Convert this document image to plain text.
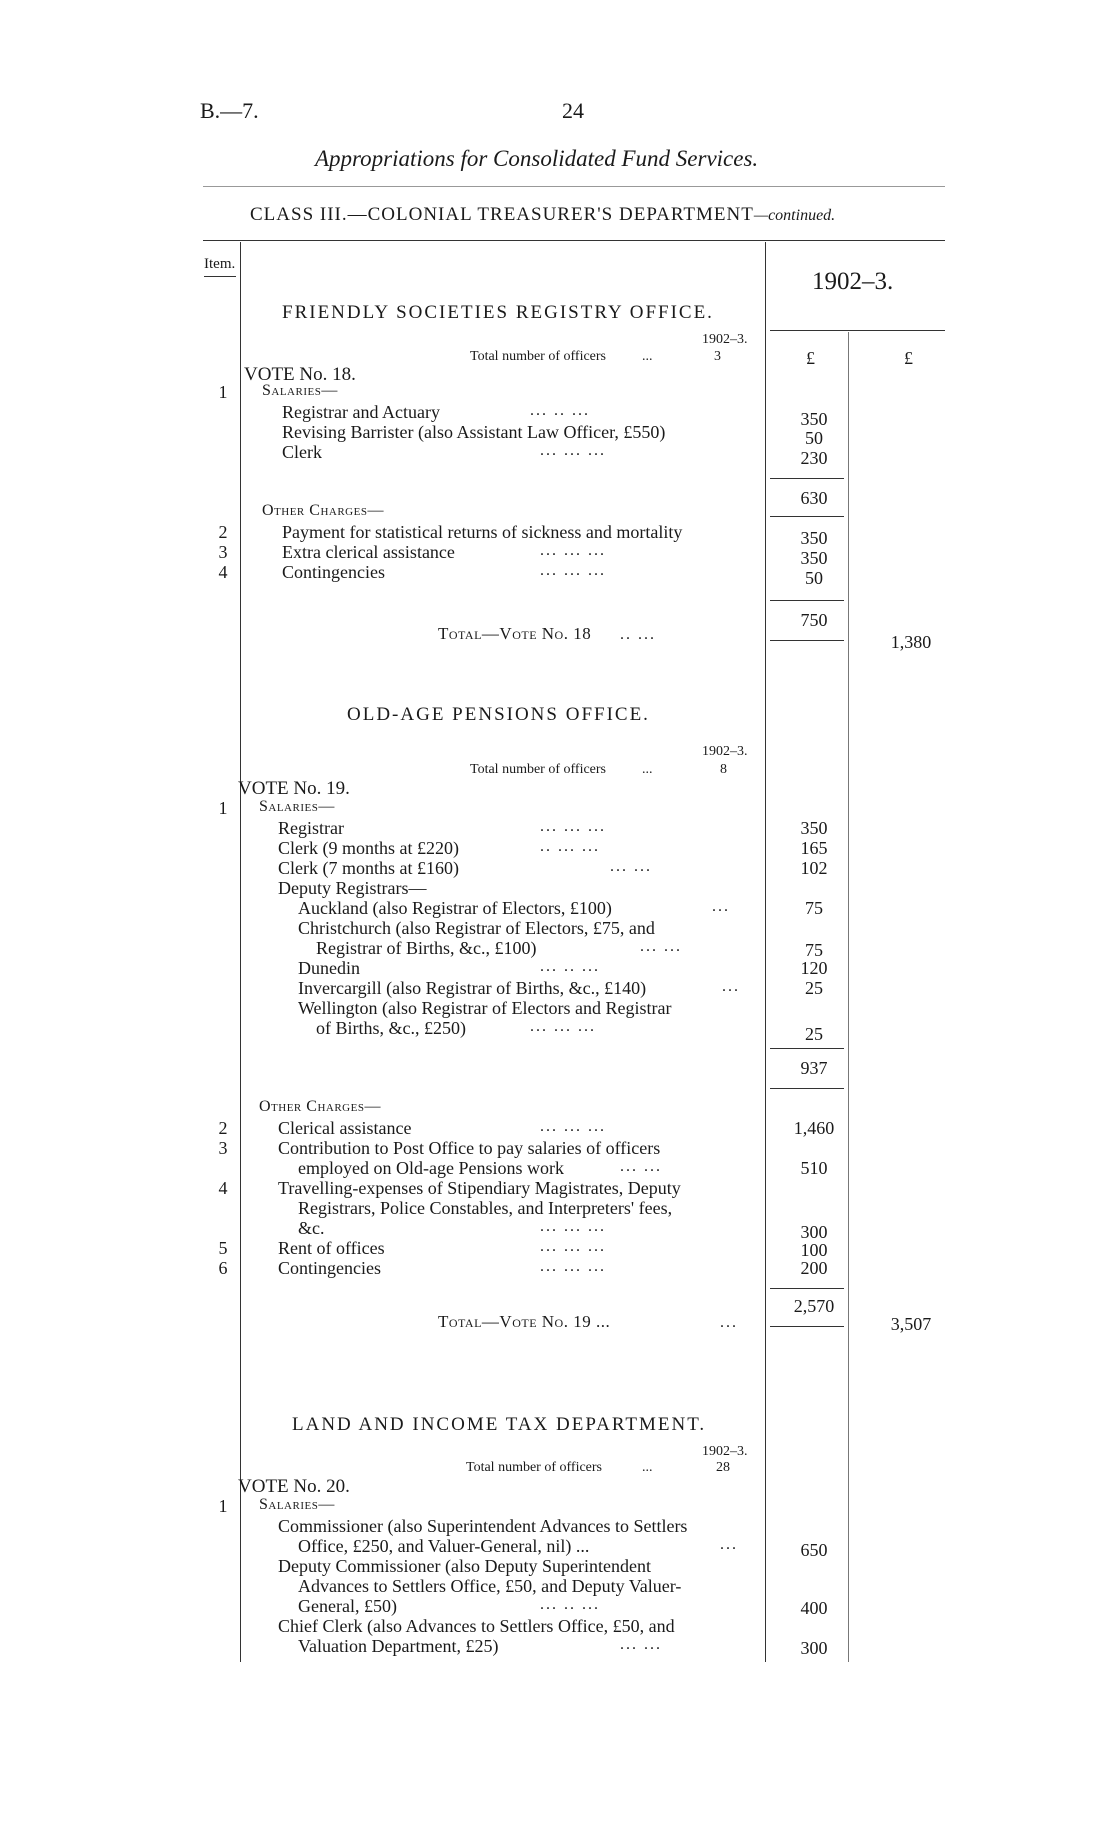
B.—7.	24
Appropriations for Consolidated Fund Services.
CLASS III.—COLONIAL TREASURER'S DEPARTMENT—continued.
Item.
1902–3.
£	£
FRIENDLY SOCIETIES REGISTRY OFFICE.
1902–3.
Total number of officers	...	3
VOTE No. 18.
1	Salaries—
Registrar and Actuary	... .. ...	350
Revising Barrister (also Assistant Law Officer, £550)	50
Clerk	... ... ...	230
630
Other Charges—
2	Payment for statistical returns of sickness and mortality	350
3	Extra clerical assistance	... ... ...	350
4	Contingencies	... ... ...	50
750
Total—Vote No. 18 .. ...	1,380
OLD-AGE PENSIONS OFFICE.
1902–3.
Total number of officers	...	8
VOTE No. 19.
1	Salaries—
Registrar	... ... ...	350
Clerk (9 months at £220)	.. ... ...	165
Clerk (7 months at £160)	... ...	102
Deputy Registrars—
Auckland (also Registrar of Electors, £100)	...	75
Christchurch (also Registrar of Electors, £75, and
Registrar of Births, &c., £100)	... ...	75
Dunedin	... .. ...	120
Invercargill (also Registrar of Births, &c., £140)	...	25
Wellington (also Registrar of Electors and Registrar
of Births, &c., £250)	... ... ...	25
937
Other Charges—
2	Clerical assistance	... ... ...	1,460
3	Contribution to Post Office to pay salaries of officers
employed on Old-age Pensions work	... ...	510
4	Travelling-expenses of Stipendiary Magistrates, Deputy
Registrars, Police Constables, and Interpreters' fees,
&c.	... ... ...	300
5	Rent of offices	... ... ...	100
6	Contingencies	... ... ...	200
2,570
Total—Vote No. 19 ...	...	3,507
LAND AND INCOME TAX DEPARTMENT.
1902–3.
Total number of officers	...	28
VOTE No. 20.
1	Salaries—
Commissioner (also Superintendent Advances to Settlers
Office, £250, and Valuer-General, nil) ...	...	650
Deputy Commissioner (also Deputy Superintendent
Advances to Settlers Office, £50, and Deputy Valuer-
General, £50)	... .. ...	400
Chief Clerk (also Advances to Settlers Office, £50, and
Valuation Department, £25)	... ...	300
